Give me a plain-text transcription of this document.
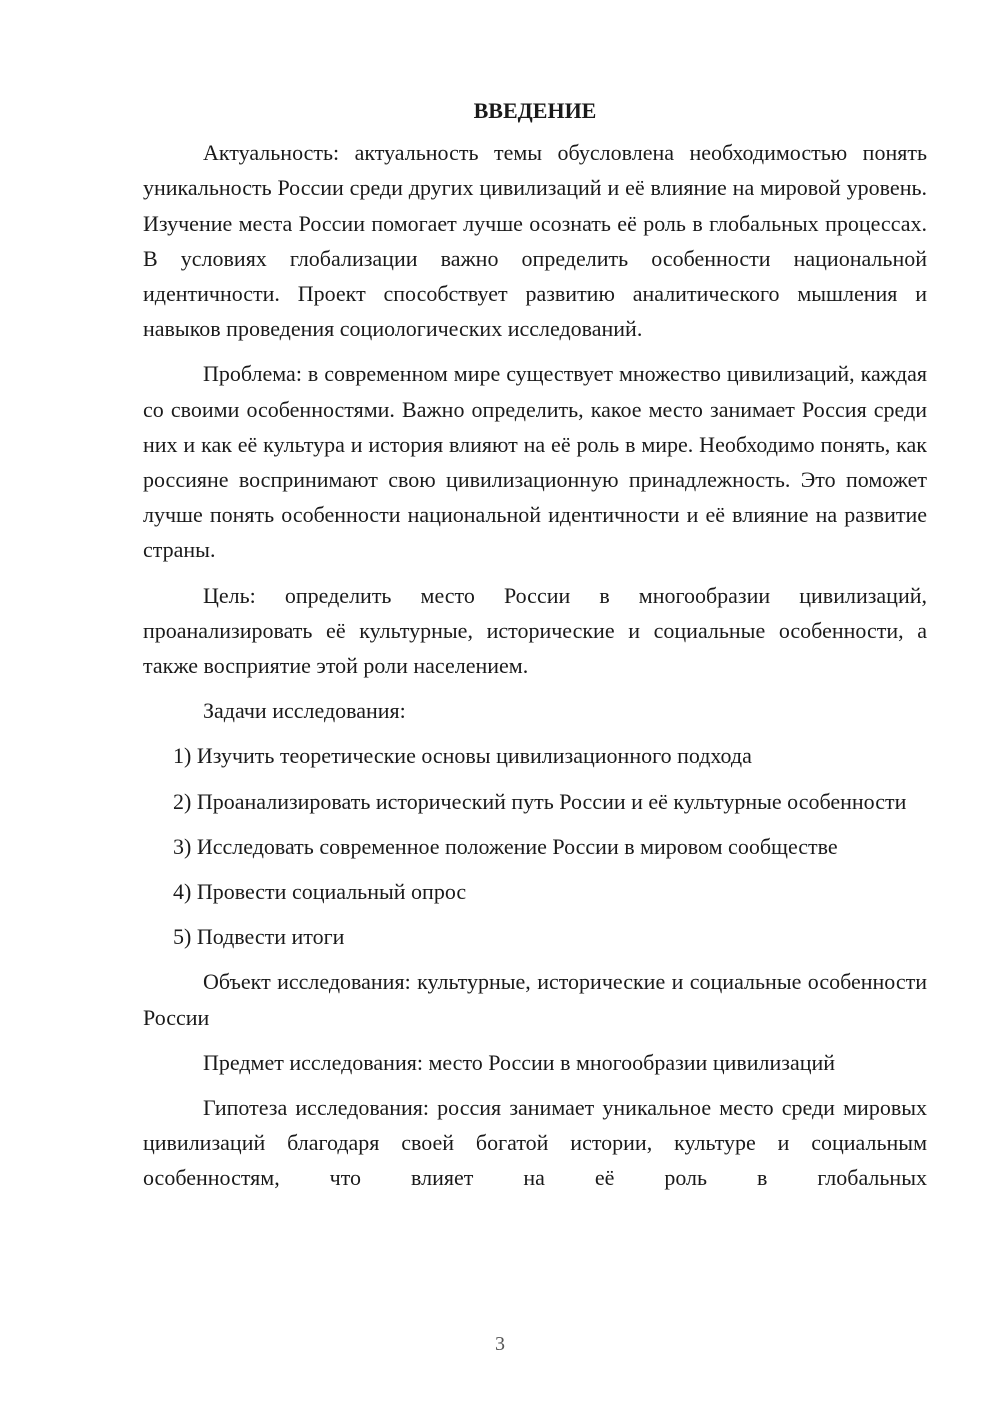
ВВЕДЕНИЕ

Актуальность: актуальность темы обусловлена необходимостью понять уникальность России среди других цивилизаций и её влияние на мировой уровень. Изучение места России помогает лучше осознать её роль в глобальных процессах. В условиях глобализации важно определить особенности национальной идентичности. Проект способствует развитию аналитического мышления и навыков проведения социологических исследований.

Проблема: в современном мире существует множество цивилизаций, каждая со своими особенностями. Важно определить, какое место занимает Россия среди них и как её культура и история влияют на её роль в мире. Необходимо понять, как россияне воспринимают свою цивилизационную принадлежность. Это поможет лучше понять особенности национальной идентичности и её влияние на развитие страны.

Цель: определить место России в многообразии цивилизаций, проанализировать её культурные, исторические и социальные особенности, а также восприятие этой роли населением.

Задачи исследования:

1) Изучить теоретические основы цивилизационного подхода

2) Проанализировать исторический путь России и её культурные особенности

3) Исследовать современное положение России в мировом сообществе

4) Провести социальный опрос

5) Подвести итоги

Объект исследования: культурные, исторические и социальные особенности России

Предмет исследования: место России в многообразии цивилизаций

Гипотеза исследования: россия занимает уникальное место среди мировых цивилизаций благодаря своей богатой истории, культуре и социальным особенностям, что влияет на её роль в глобальных

3
